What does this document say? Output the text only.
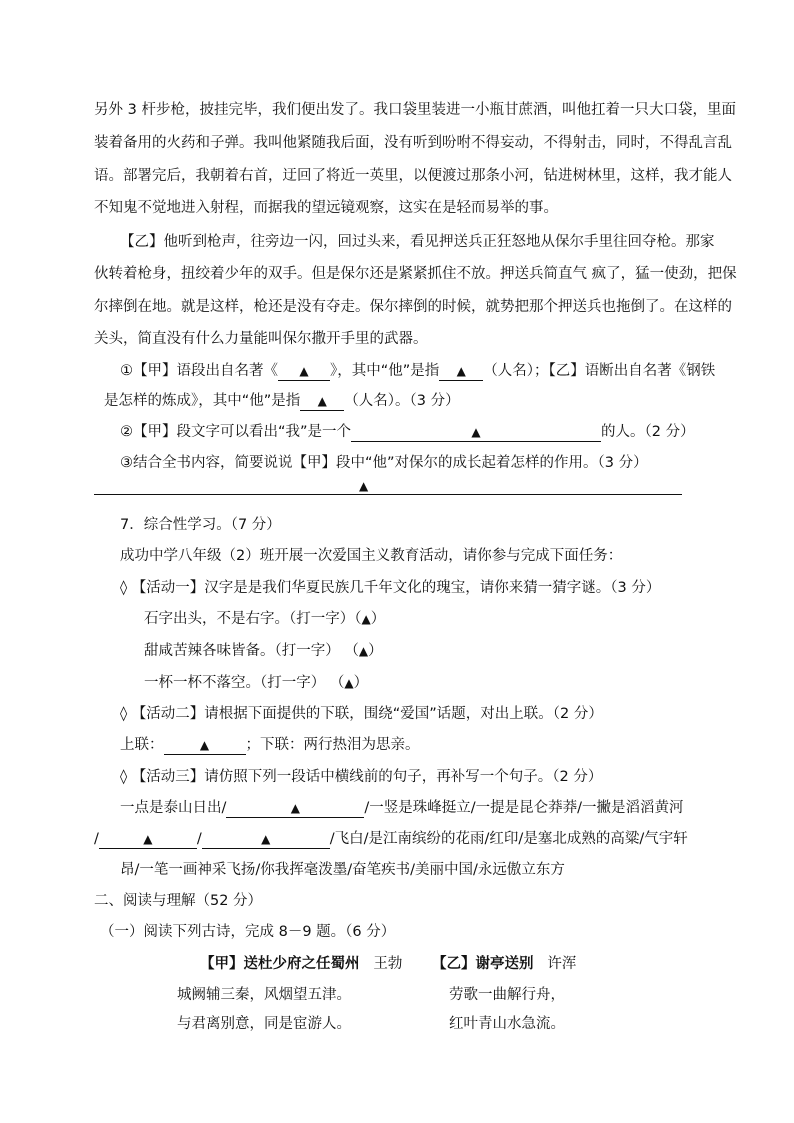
另外 3 杆步枪，披挂完毕，我们便出发了。我口袋里装进一小瓶甘蔗酒，叫他扛着一只大口袋，里面
装着备用的火药和子弹。我叫他紧随我后面，没有听到吩咐不得妄动，不得射击，同时，不得乱言乱
语。部署完后，我朝着右首，迂回了将近一英里，以便渡过那条小河，钻进树林里，这样，我才能人
不知鬼不觉地进入射程，而据我的望远镜观察，这实在是轻而易举的事。
【乙】他听到枪声，往旁边一闪，回过头来，看见押送兵正狂怒地从保尔手里往回夺枪。那家
伙转着枪身，扭绞着少年的双手。但是保尔还是紧紧抓住不放。押送兵简直气 疯了，猛一使劲，把保
尔摔倒在地。就是这样，枪还是没有夺走。保尔摔倒的时候，就势把那个押送兵也拖倒了。在这样的
关头，简直没有什么力量能叫保尔撒开手里的武器。
①【甲】语段出自名著《 ▲ 》，其中“他”是指 ▲ （人名）；【乙】语断出自名著《钢铁
是怎样的炼成》，其中“他”是指 ▲ （人名）。（3 分）
②【甲】段文字可以看出“我”是一个	▲	的人。（2 分）
③结合全书内容，简要说说【甲】段中“他”对保尔的成长起着怎样的作用。（3 分）
▲
7．综合性学习。（7 分）
成功中学八年级（2）班开展一次爱国主义教育活动，请你参与完成下面任务：
◊ 【活动一】汉字是是我们华夏民族几千年文化的瑰宝，请你来猜一猜字谜。（3 分）
石字出头，不是右字。（打一字）（▲）
甜咸苦辣各味皆备。（打一字） （▲）
一杯一杯不落空。（打一字） （▲）
◊ 【活动二】请根据下面提供的下联，围绕“爱国”话题，对出上联。（2 分）
上联：	▲	；下联：两行热泪为思亲。
◊ 【活动三】请仿照下列一段话中横线前的句子，再补写一个句子。（2 分）
一点是泰山日出/	▲	/一竖是珠峰挺立/一提是昆仑莽莽/一撇是滔滔黄河
/	▲	/	▲	/飞白/是江南缤纷的花雨/红印/是塞北成熟的高粱/气宇轩
昂/一笔一画神采飞扬/你我挥毫泼墨/奋笔疾书/美丽中国/永远傲立东方
二、阅读与理解（52 分）
（一）阅读下列古诗，完成 8－9 题。（6 分）
【甲】送杜少府之任蜀州 王勃 【乙】谢亭送别 许浑
城阙辅三秦，风烟望五津。
与君离别意，同是宦游人。
劳歌一曲解行舟，
红叶青山水急流。
